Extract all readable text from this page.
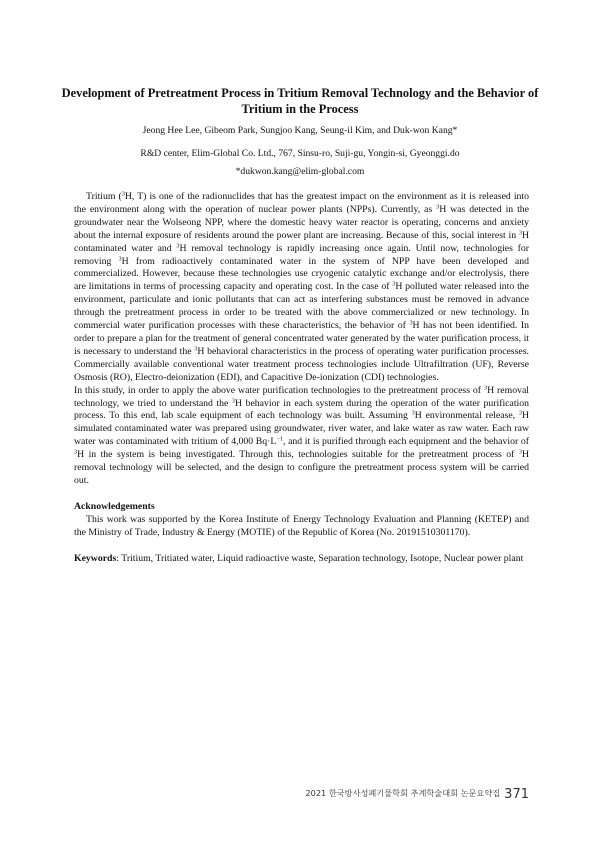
Development of Pretreatment Process in Tritium Removal Technology and the Behavior of Tritium in the Process

Jeong Hee Lee, Gibeom Park, Sungjoo Kang, Seung-il Kim, and Duk-won Kang*

R&D center, Elim-Global Co. Ltd., 767, Sinsu-ro, Suji-gu, Yongin-si, Gyeonggi.do

*dukwon.kang@elim-global.com

Tritium ($^3$H, T) is one of the radionuclides that has the greatest impact on the environment as it is released into the environment along with the operation of nuclear power plants (NPPs). Currently, as $^3$H was detected in the groundwater near the Wolseong NPP, where the domestic heavy water reactor is operating, concerns and anxiety about the internal exposure of residents around the power plant are increasing. Because of this, social interest in $^3$H contaminated water and $^3$H removal technology is rapidly increasing once again. Until now, technologies for removing $^3$H from radioactively contaminated water in the system of NPP have been developed and commercialized. However, because these technologies use cryogenic catalytic exchange and/or electrolysis, there are limitations in terms of processing capacity and operating cost. In the case of $^3$H polluted water released into the environment, particulate and ionic pollutants that can act as interfering substances must be removed in advance through the pretreatment process in order to be treated with the above commercialized or new technology. In commercial water purification processes with these characteristics, the behavior of $^3$H has not been identified. In order to prepare a plan for the treatment of general concentrated water generated by the water purification process, it is necessary to understand the $^3$H behavioral characteristics in the process of operating water purification processes. Commercially available conventional water treatment process technologies include Ultrafiltration (UF), Reverse Osmosis (RO), Electro-deionization (EDI), and Capacitive De-ionization (CDI) technologies.

In this study, in order to apply the above water purification technologies to the pretreatment process of $^3$H removal technology, we tried to understand the $^3$H behavior in each system during the operation of the water purification process. To this end, lab scale equipment of each technology was built. Assuming $^3$H environmental release, $^3$H simulated contaminated water was prepared using groundwater, river water, and lake water as raw water. Each raw water was contaminated with tritium of 4,000 $Bq\cdot L^{-1}$, and it is purified through each equipment and the behavior of $^3$H in the system is being investigated. Through this, technologies suitable for the pretreatment process of $^3$H removal technology will be selected, and the design to configure the pretreatment process system will be carried out.

Acknowledgements

This work was supported by the Korea Institute of Energy Technology Evaluation and Planning (KETEP) and the Ministry of Trade, Industry & Energy (MOTIE) of the Republic of Korea (No. 20191510301170).

Keywords: Tritium, Tritiated water, Liquid radioactive waste, Separation technology, Isotope, Nuclear power plant

2021 한국방사성폐기물학회 추계학술대회 논문요약집 371
